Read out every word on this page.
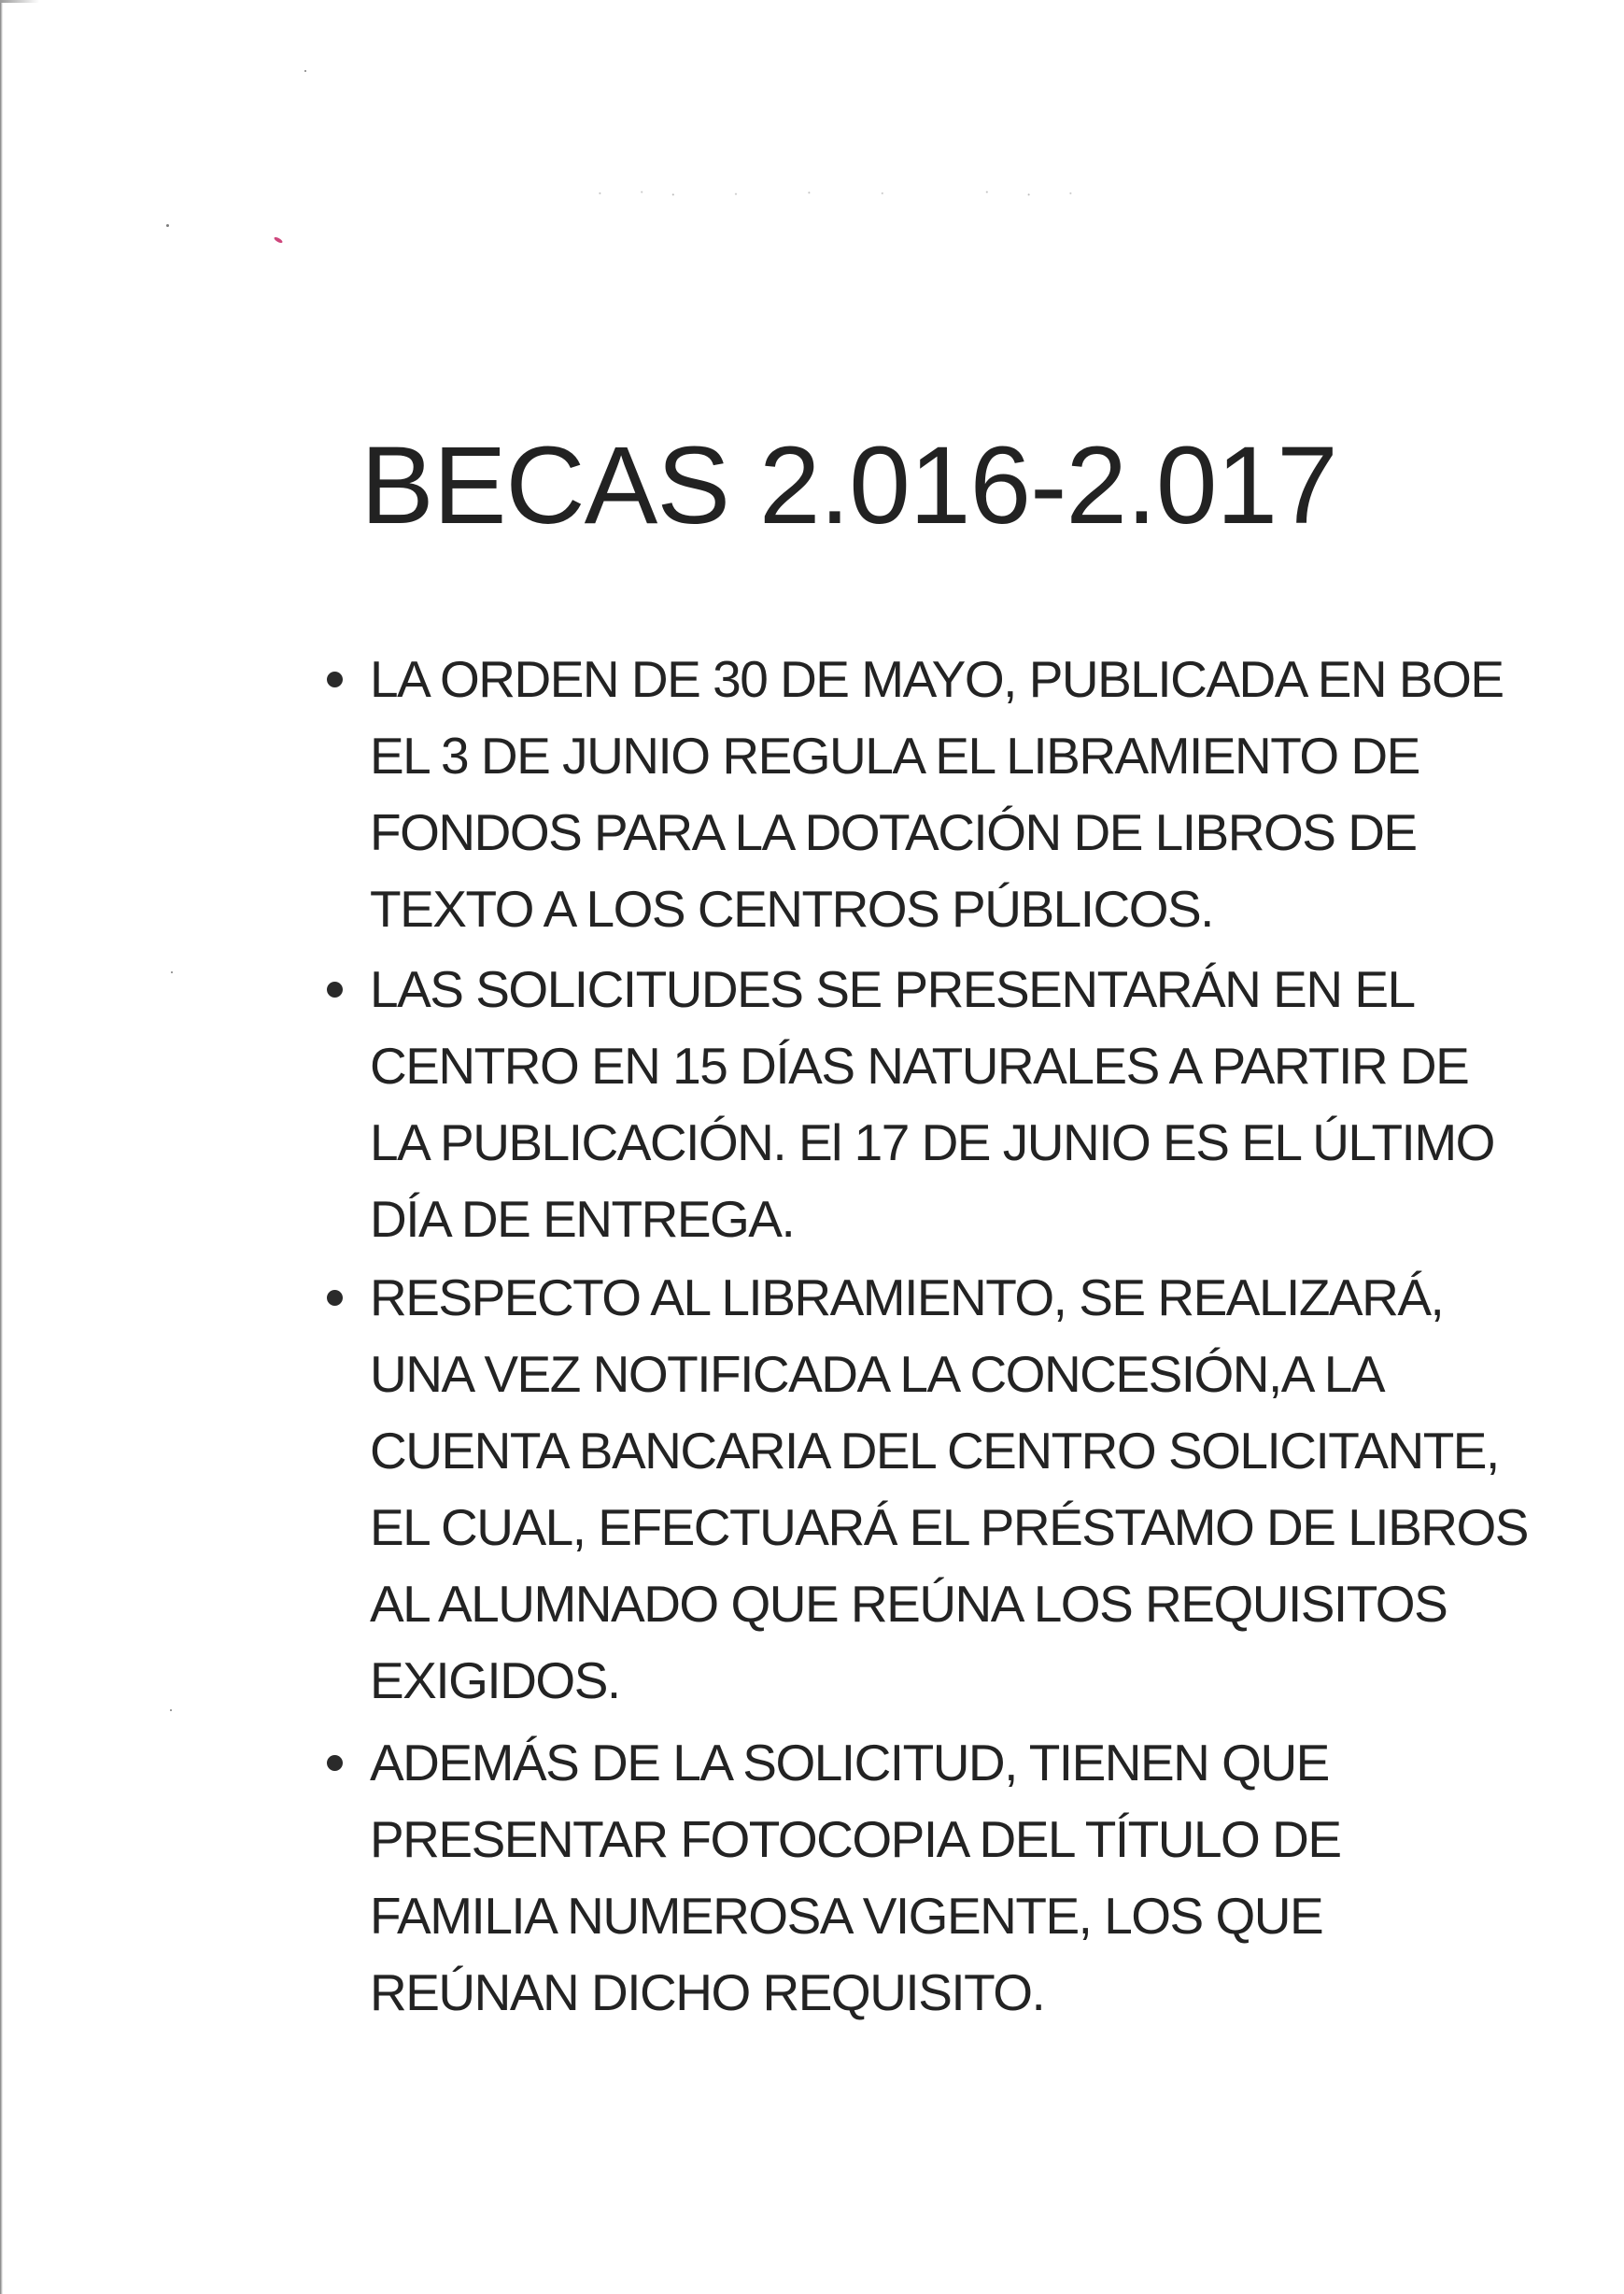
BECAS 2.016-2.017
LA ORDEN DE 30 DE MAYO, PUBLICADA EN BOE
EL 3 DE JUNIO REGULA EL LIBRAMIENTO DE
FONDOS PARA LA DOTACIÓN DE LIBROS DE
TEXTO A LOS CENTROS PÚBLICOS.
LAS SOLICITUDES SE PRESENTARÁN EN EL
CENTRO EN 15 DÍAS NATURALES A PARTIR DE
LA PUBLICACIÓN. El 17 DE JUNIO ES EL ÚLTIMO
DÍA DE ENTREGA.
RESPECTO AL LIBRAMIENTO, SE REALIZARÁ,
UNA VEZ NOTIFICADA LA CONCESIÓN,A LA
CUENTA BANCARIA DEL CENTRO SOLICITANTE,
EL CUAL, EFECTUARÁ EL PRÉSTAMO DE LIBROS
AL ALUMNADO QUE REÚNA LOS REQUISITOS
EXIGIDOS.
ADEMÁS DE LA SOLICITUD, TIENEN QUE
PRESENTAR FOTOCOPIA DEL TÍTULO DE
FAMILIA NUMEROSA VIGENTE, LOS QUE
REÚNAN DICHO REQUISITO.
